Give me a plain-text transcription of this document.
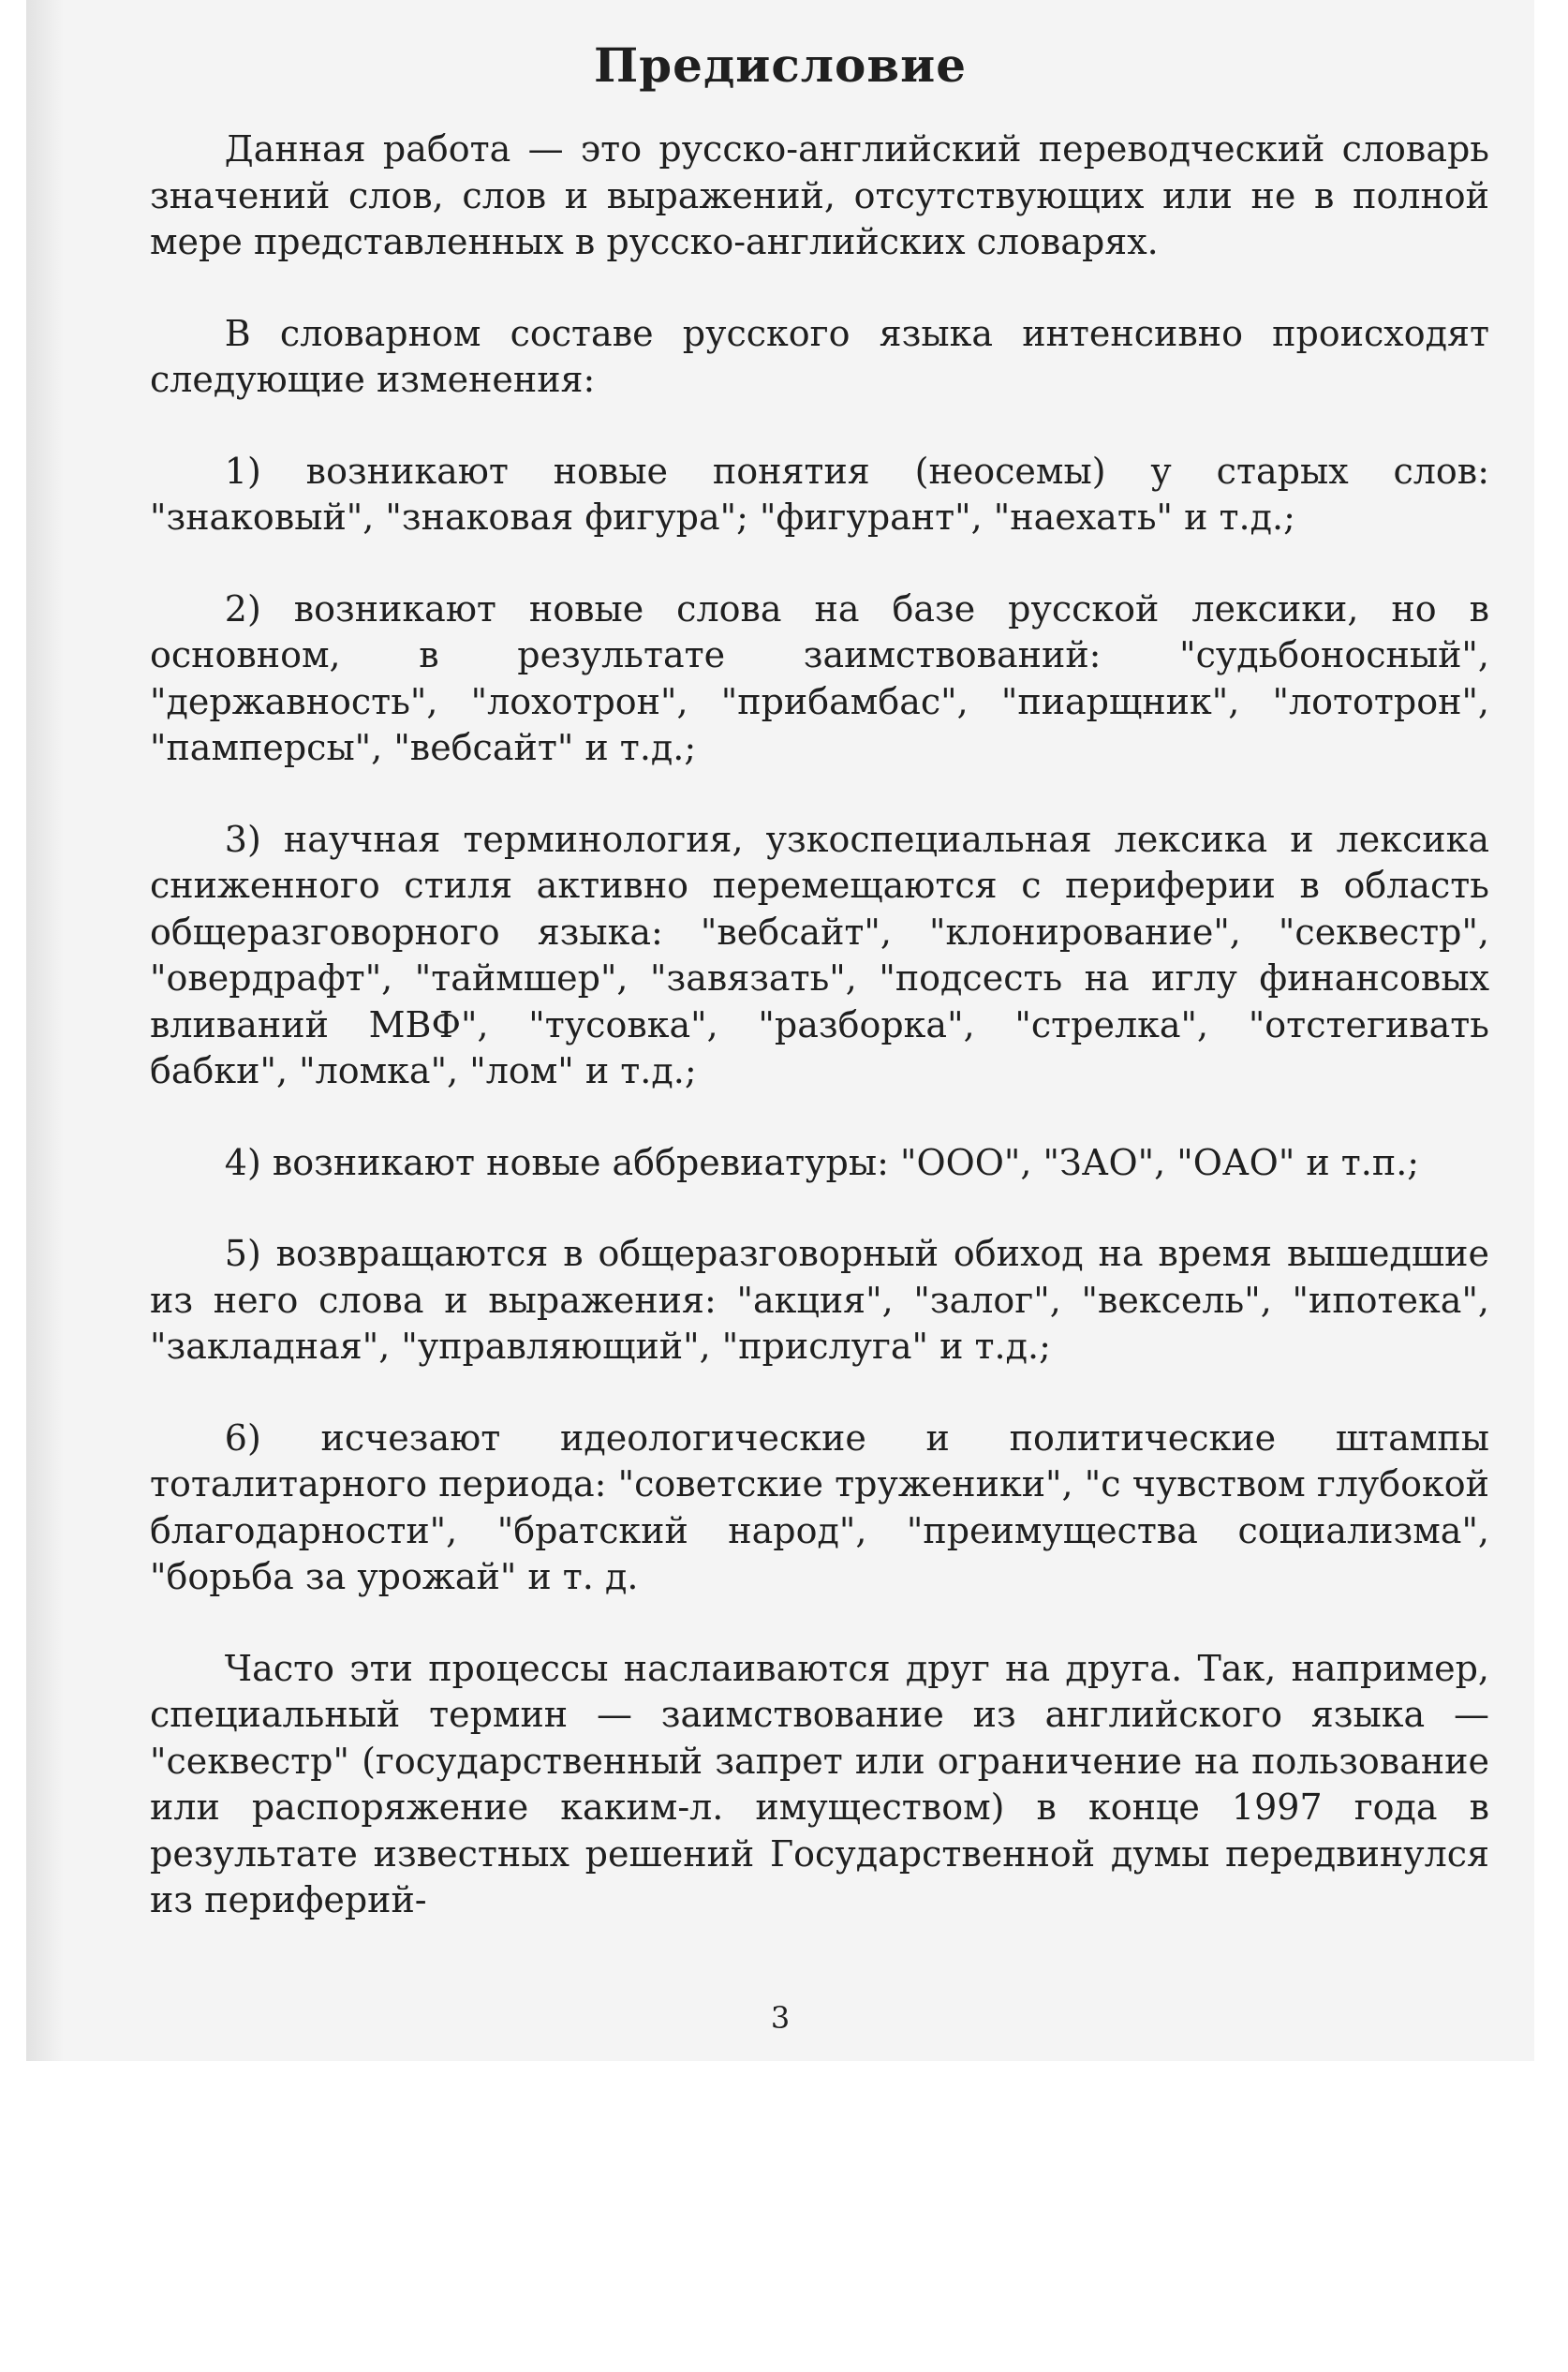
Предисловие

Данная работа — это русско-английский переводческий словарь значений слов, слов и выражений, отсутствующих или не в полной мере представленных в русско-английских словарях.

В словарном составе русского языка интенсивно происходят следующие изменения:

1) возникают новые понятия (неосемы) у старых слов: "знаковый", "знаковая фигура"; "фигурант", "наехать" и т.д.;

2) возникают новые слова на базе русской лексики, но в основном, в результате заимствований: "судьбоносный", "державность", "лохотрон", "прибамбас", "пиарщник", "лототрон", "памперсы", "вебсайт" и т.д.;

3) научная терминология, узкоспециальная лексика и лексика сниженного стиля активно перемещаются с периферии в область общеразговорного языка: "вебсайт", "клонирование", "секвестр", "овердрафт", "таймшер", "завязать", "подсесть на иглу финансовых вливаний МВФ", "тусовка", "разборка", "стрелка", "отстегивать бабки", "ломка", "лом" и т.д.;

4) возникают новые аббревиатуры: "ООО", "ЗАО", "ОАО" и т.п.;

5) возвращаются в общеразговорный обиход на время вышедшие из него слова и выражения: "акция", "залог", "вексель", "ипотека", "закладная", "управляющий", "прислуга" и т.д.;

6) исчезают идеологические и политические штампы тоталитарного периода: "советские труженики", "с чувством глубокой благодарности", "братский народ", "преимущества социализма", "борьба за урожай" и т. д.

Часто эти процессы наслаиваются друг на друга. Так, например, специальный термин — заимствование из английского языка — "секвестр" (государственный запрет или ограничение на пользование или распоряжение каким-л. имуществом) в конце 1997 года в результате известных решений Государственной думы передвинулся из периферий-

3
